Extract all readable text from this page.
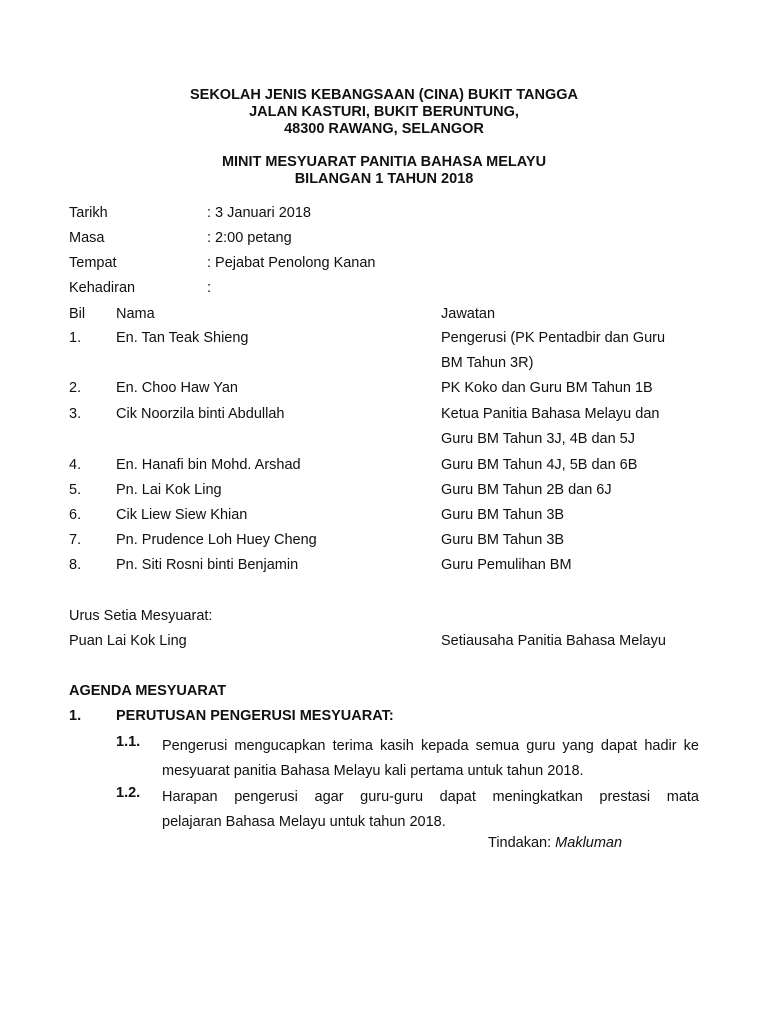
SEKOLAH JENIS KEBANGSAAN (CINA) BUKIT TANGGA
JALAN KASTURI, BUKIT BERUNTUNG,
48300 RAWANG, SELANGOR
MINIT MESYUARAT PANITIA BAHASA MELAYU
BILANGAN 1 TAHUN 2018
Tarikh	: 3 Januari 2018
Masa	: 2:00 petang
Tempat	: Pejabat Penolong Kanan
Kehadiran	:
Bil Nama	Jawatan
1. En. Tan Teak Shieng	Pengerusi (PK Pentadbir dan Guru
BM Tahun 3R)
2. En. Choo Haw Yan	PK Koko dan Guru BM Tahun 1B
3. Cik Noorzila binti Abdullah	Ketua Panitia Bahasa Melayu dan
Guru BM Tahun 3J, 4B dan 5J
4. En. Hanafi bin Mohd. Arshad	Guru BM Tahun 4J, 5B dan 6B
5. Pn. Lai Kok Ling	Guru BM Tahun 2B dan 6J
6. Cik Liew Siew Khian	Guru BM Tahun 3B
7. Pn. Prudence Loh Huey Cheng	Guru BM Tahun 3B
8. Pn. Siti Rosni binti Benjamin	Guru Pemulihan BM
Urus Setia Mesyuarat:
Puan Lai Kok Ling	Setiausaha Panitia Bahasa Melayu
AGENDA MESYUARAT
1. PERUTUSAN PENGERUSI MESYUARAT:
1.1. Pengerusi mengucapkan terima kasih kepada semua guru yang dapat hadir ke
mesyuarat panitia Bahasa Melayu kali pertama untuk tahun 2018.
1.2. Harapan pengerusi agar guru-guru dapat meningkatkan prestasi mata
pelajaran Bahasa Melayu untuk tahun 2018.
Tindakan: Makluman
